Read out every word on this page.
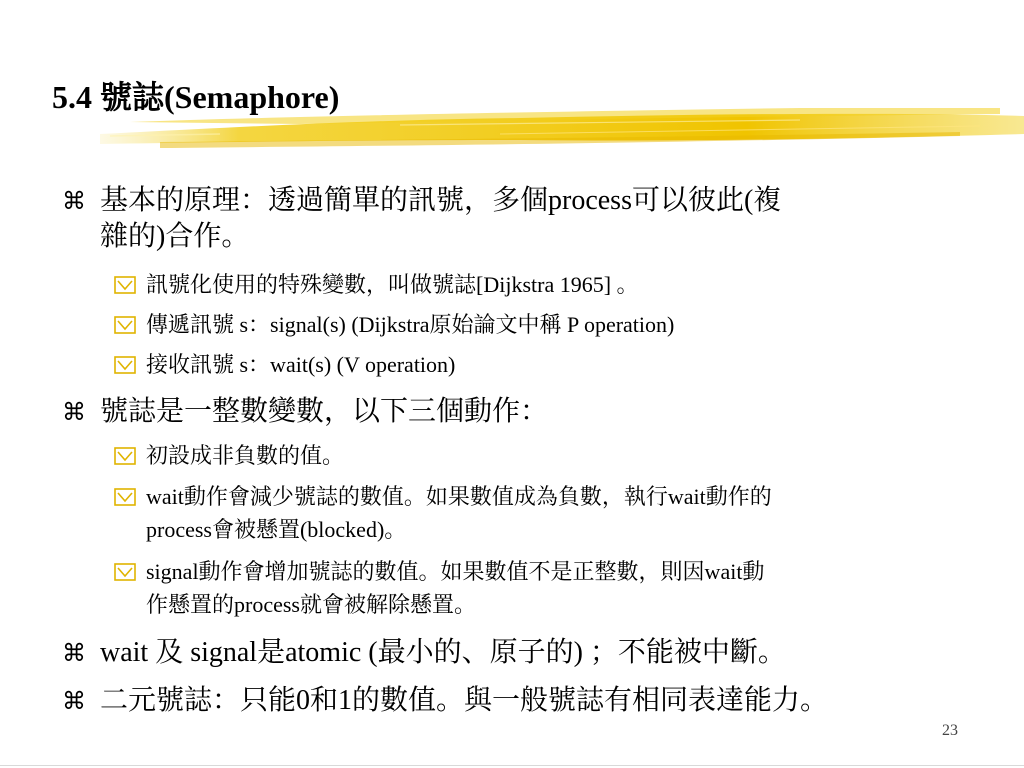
5.4 號誌(Semaphore)
⌘ 基本的原理：透過簡單的訊號，多個process可以彼此(複
雜的)合作。
訊號化使用的特殊變數，叫做號誌[Dijkstra 1965] 。
傳遞訊號 s：signal(s) (Dijkstra原始論文中稱 P operation)
接收訊號 s：wait(s) (V operation)
⌘ 號誌是一整數變數，以下三個動作：
初設成非負數的值。
wait動作會減少號誌的數值。如果數值成為負數，執行wait動作的
process會被懸置(blocked)。
signal動作會增加號誌的數值。如果數值不是正整數，則因wait動
作懸置的process就會被解除懸置。
⌘ wait 及 signal是atomic (最小的、原子的) ；不能被中斷。
⌘ 二元號誌：只能0和1的數值。與一般號誌有相同表達能力。
23
